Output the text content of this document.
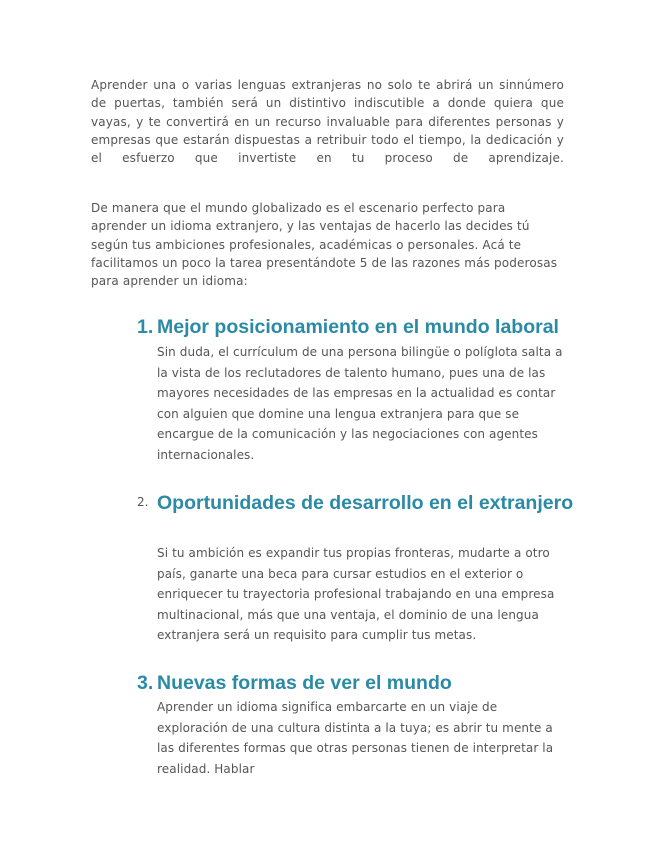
Aprender una o varias lenguas extranjeras no solo te abrirá un sinnúmero de puertas, también será un distintivo indiscutible a donde quiera que vayas, y te convertirá en un recurso invaluable para diferentes personas y empresas que estarán dispuestas a retribuir todo el tiempo, la dedicación y el esfuerzo que invertiste en tu proceso de aprendizaje.

De manera que el mundo globalizado es el escenario perfecto para aprender un idioma extranjero, y las ventajas de hacerlo las decides tú según tus ambiciones profesionales, académicas o personales. Acá te facilitamos un poco la tarea presentándote 5 de las razones más poderosas para aprender un idioma:

1. Mejor posicionamiento en el mundo laboral

Sin duda, el currículum de una persona bilingüe o políglota salta a la vista de los reclutadores de talento humano, pues una de las mayores necesidades de las empresas en la actualidad es contar con alguien que domine una lengua extranjera para que se encargue de la comunicación y las negociaciones con agentes internacionales.

2. Oportunidades de desarrollo en el extranjero

Si tu ambición es expandir tus propias fronteras, mudarte a otro país, ganarte una beca para cursar estudios en el exterior o enriquecer tu trayectoria profesional trabajando en una empresa multinacional, más que una ventaja, el dominio de una lengua extranjera será un requisito para cumplir tus metas.

3. Nuevas formas de ver el mundo

Aprender un idioma significa embarcarte en un viaje de exploración de una cultura distinta a la tuya; es abrir tu mente a las diferentes formas que otras personas tienen de interpretar la realidad. Hablar
